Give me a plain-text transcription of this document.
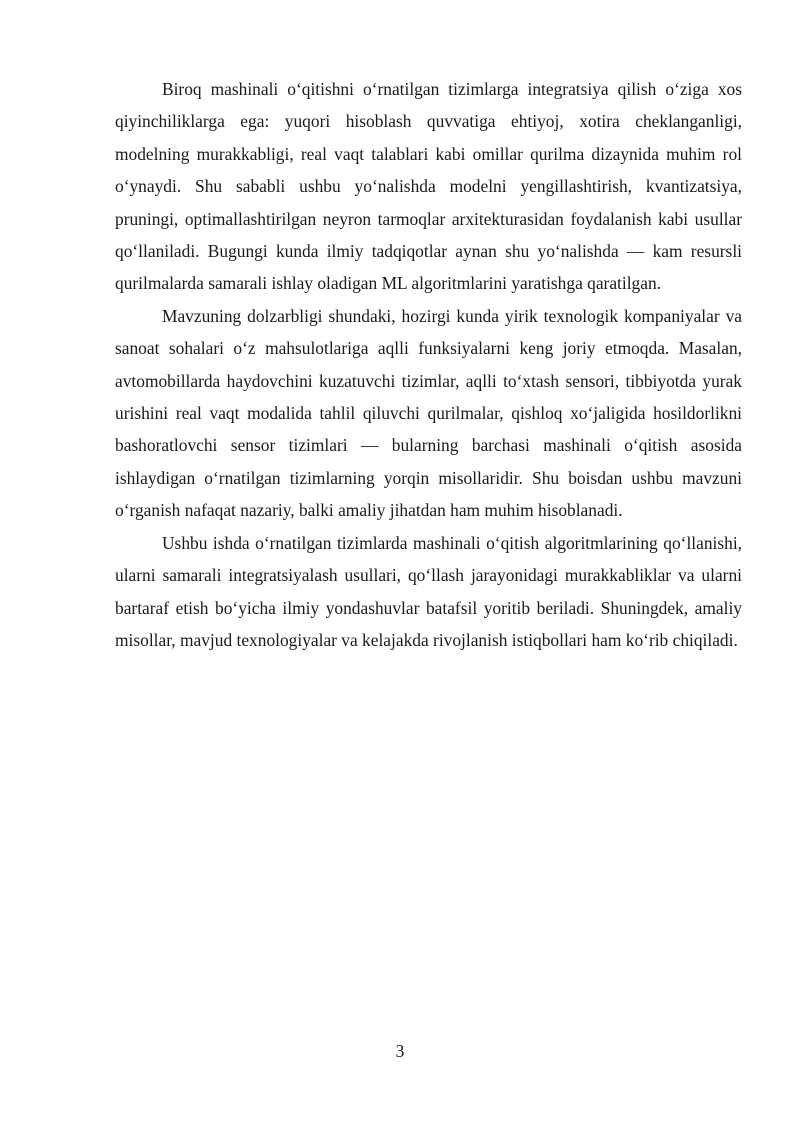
Biroq mashinali o‘qitishni o‘rnatilgan tizimlarga integratsiya qilish o‘ziga xos qiyinchiliklarga ega: yuqori hisoblash quvvatiga ehtiyoj, xotira cheklanganligi, modelning murakkabligi, real vaqt talablari kabi omillar qurilma dizaynida muhim rol o‘ynaydi. Shu sababli ushbu yo‘nalishda modelni yengillashtirish, kvantizatsiya, pruningi, optimallashtirilgan neyron tarmoqlar arxitekturasidan foydalanish kabi usullar qo‘llaniladi. Bugungi kunda ilmiy tadqiqotlar aynan shu yo‘nalishda — kam resursli qurilmalarda samarali ishlay oladigan ML algoritmlarini yaratishga qaratilgan.

Mavzuning dolzarbligi shundaki, hozirgi kunda yirik texnologik kompaniyalar va sanoat sohalari o‘z mahsulotlariga aqlli funksiyalarni keng joriy etmoqda. Masalan, avtomobillarda haydovchini kuzatuvchi tizimlar, aqlli to‘xtash sensori, tibbiyotda yurak urishini real vaqt modalida tahlil qiluvchi qurilmalar, qishloq xo‘jaligida hosildorlikni bashoratlovchi sensor tizimlari — bularning barchasi mashinali o‘qitish asosida ishlaydigan o‘rnatilgan tizimlarning yorqin misollaridir. Shu boisdan ushbu mavzuni o‘rganish nafaqat nazariy, balki amaliy jihatdan ham muhim hisoblanadi.

Ushbu ishda o‘rnatilgan tizimlarda mashinali o‘qitish algoritmlarining qo‘llanishi, ularni samarali integratsiyalash usullari, qo‘llash jarayonidagi murakkabliklar va ularni bartaraf etish bo‘yicha ilmiy yondashuvlar batafsil yoritib beriladi. Shuningdek, amaliy misollar, mavjud texnologiyalar va kelajakda rivojlanish istiqbollari ham ko‘rib chiqiladi.

3
